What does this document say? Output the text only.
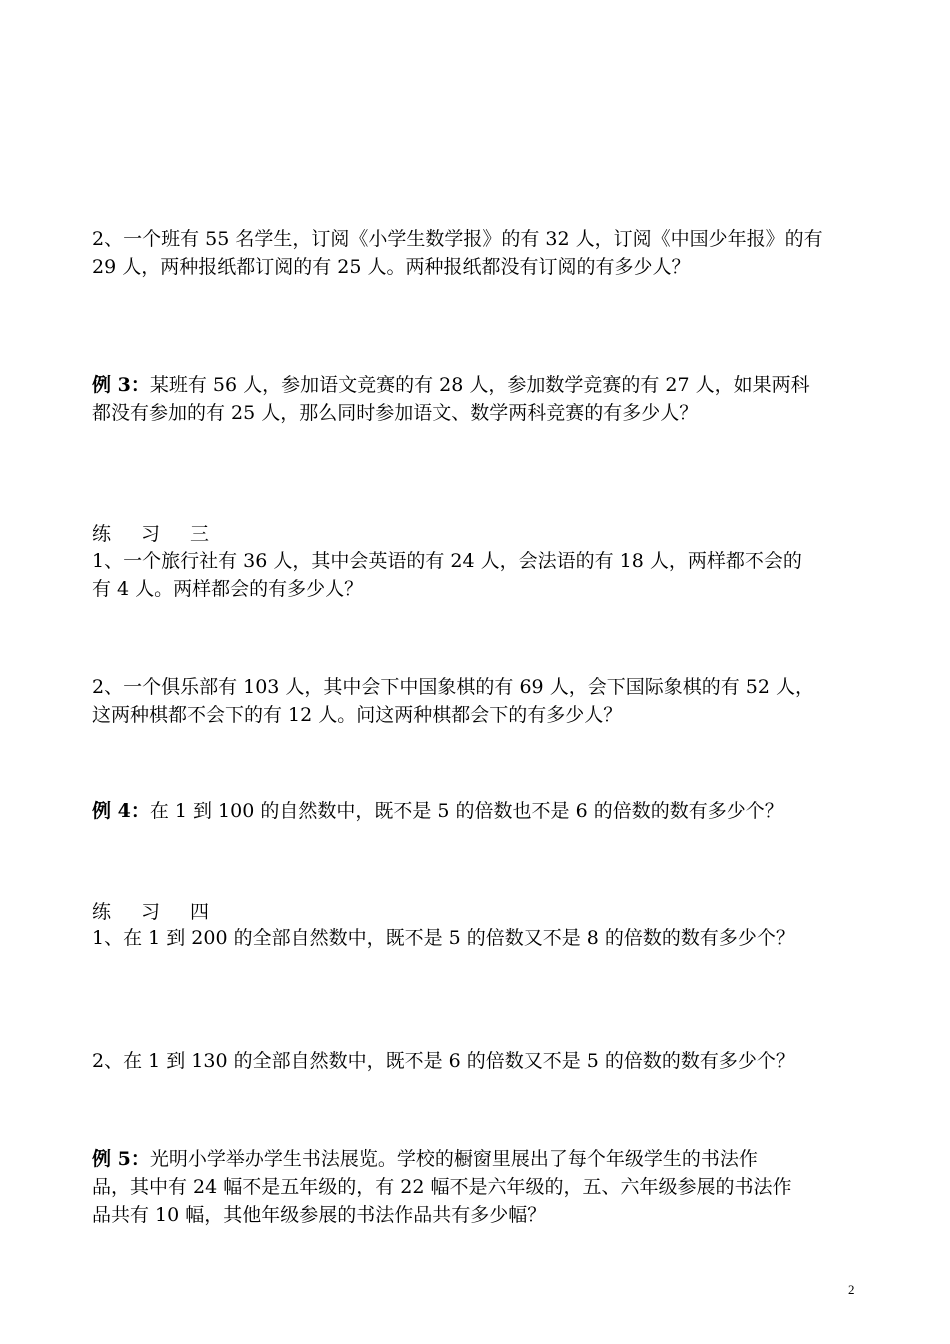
2、一个班有 55 名学生，订阅《小学生数学报》的有 32 人，订阅《中国少年报》的有
29 人，两种报纸都订阅的有 25 人。两种报纸都没有订阅的有多少人？
例 3：某班有 56 人，参加语文竞赛的有 28 人，参加数学竞赛的有 27 人，如果两科
都没有参加的有 25 人，那么同时参加语文、数学两科竞赛的有多少人？
练 习 三
1、一个旅行社有 36 人，其中会英语的有 24 人，会法语的有 18 人，两样都不会的
有 4 人。两样都会的有多少人？
2、一个俱乐部有 103 人，其中会下中国象棋的有 69 人，会下国际象棋的有 52 人，
这两种棋都不会下的有 12 人。问这两种棋都会下的有多少人？
例 4：在 1 到 100 的自然数中，既不是 5 的倍数也不是 6 的倍数的数有多少个？
练 习 四
1、在 1 到 200 的全部自然数中，既不是 5 的倍数又不是 8 的倍数的数有多少个？
2、在 1 到 130 的全部自然数中，既不是 6 的倍数又不是 5 的倍数的数有多少个？
例 5：光明小学举办学生书法展览。学校的橱窗里展出了每个年级学生的书法作
品，其中有 24 幅不是五年级的，有 22 幅不是六年级的，五、六年级参展的书法作
品共有 10 幅，其他年级参展的书法作品共有多少幅？
2
